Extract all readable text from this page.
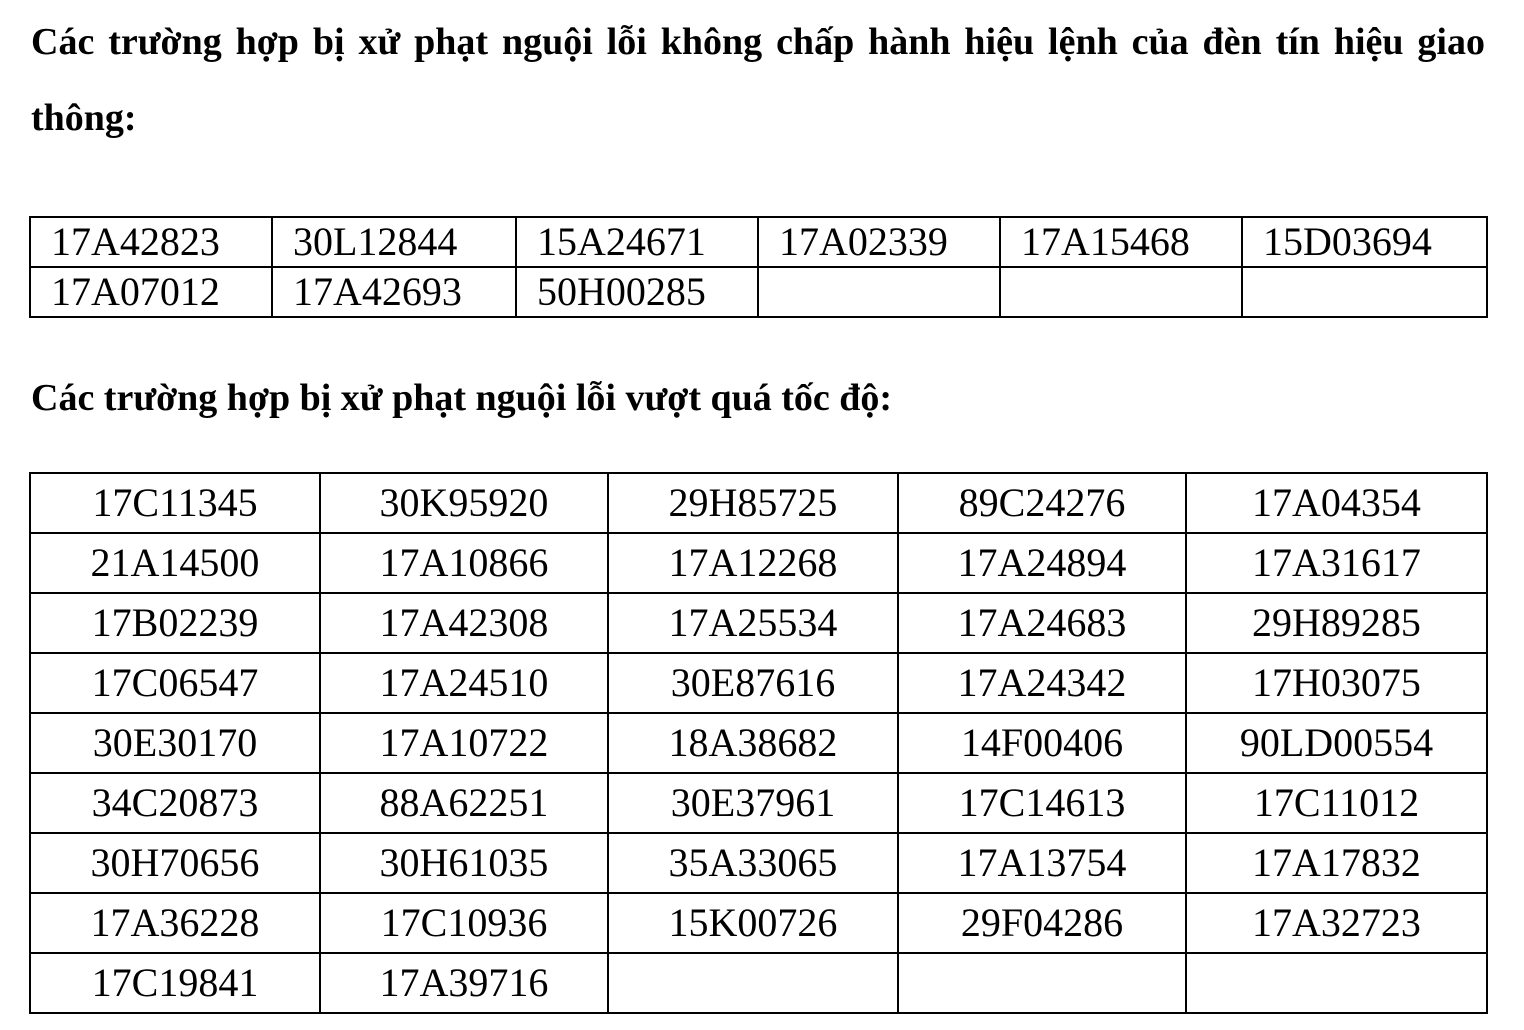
Các trường hợp bị xử phạt nguội lỗi không chấp hành hiệu lệnh của đèn tín hiệu giao thông:

17A42823	30L12844	15A24671	17A02339	17A15468	15D03694
17A07012	17A42693	50H00285			

Các trường hợp bị xử phạt nguội lỗi vượt quá tốc độ:

17C11345	30K95920	29H85725	89C24276	17A04354
21A14500	17A10866	17A12268	17A24894	17A31617
17B02239	17A42308	17A25534	17A24683	29H89285
17C06547	17A24510	30E87616	17A24342	17H03075
30E30170	17A10722	18A38682	14F00406	90LD00554
34C20873	88A62251	30E37961	17C14613	17C11012
30H70656	30H61035	35A33065	17A13754	17A17832
17A36228	17C10936	15K00726	29F04286	17A32723
17C19841	17A39716			
